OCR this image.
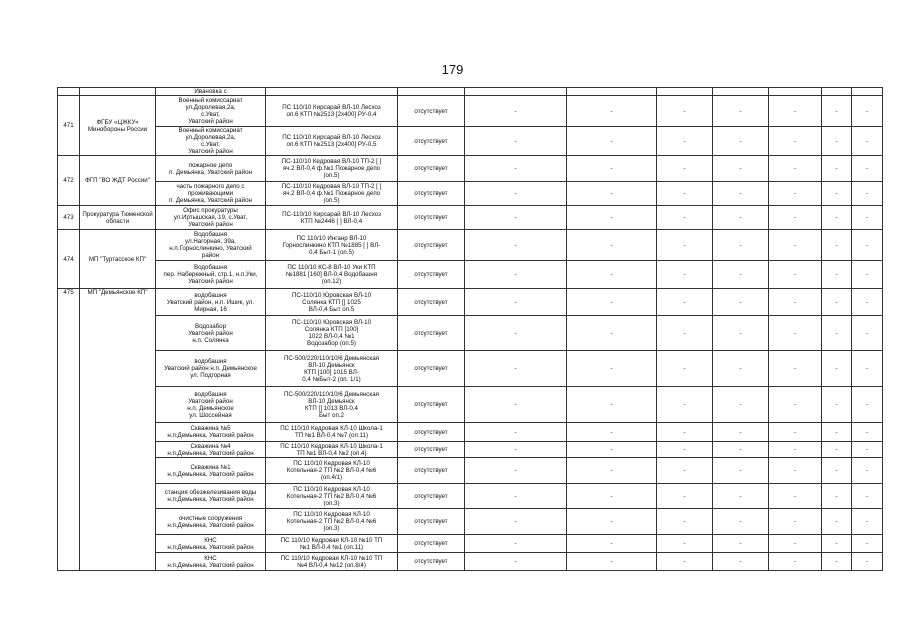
179
		Ивановка с									
471	ФГБУ «ЦЖКУ» Минобороны России	Военный комиссариат
ул.Доролевая,2а,
с.Уват,
Уватский район	ПС 110/10 Кирсарай ВЛ-10 Лесхоз
оп.6 КТП №2513 [2x400] РУ-0,4	отсутствует	-	-	-	-	-	-	-
		Военный комиссариат
ул.Доролевая,2а,
с.Уват,
Уватский район	ПС 110/10 Кирсарай ВЛ-10 Лесхоз
оп.6 КТП №2513 [2x400] РУ-0,5	отсутствует	-	-	-	-	-	-	-
472	ФГП "ВО ЖДТ России"	пожарное депо
п. Демьянка, Уватский район	ПС-110/10 Кедровая ВЛ-10 ТП-2 [ ]
яч.2 ВЛ-0,4 ф.№1 Пожарное депо
(оп.5)	отсутствует	-	-	-	-	-	-	-
		часть пожарного депо с
проживающими
п. Демьянка, Уватский район	ПС-110/10 Кедровая ВЛ-10 ТП-2 [ ]
яч.2 ВЛ-0,4 ф.№1 Пожарное депо
(оп.5)	отсутствует	-	-	-	-	-	-	-
473	Прокуратура Тюменской области	Офис прокуратуры
ул.Иртышская, 19, с.Уват,
Уватский район	ПС-110/10 Кирсарай ВЛ-10 Лесхоз
КТП №2446 [ ] ВЛ-0,4	отсутствует	-	-	-	-	-	-	-
474	МП "Туртасское КП"	Водобашня
ул.Нагорная, 39а,
н.п.Горнослинкино, Уватский
район	ПС 110/10 Инганр ВЛ-10
Горнослинкино КТП №1885 [ ] ВЛ-
0,4 Быт-1 (оп.5)	отсутствует	-	-	-	-	-	-	-
		Водобашня
пер. Набережный, стр.1, н.п.Уки,
Уватский район	ПС 110/10 КС-8 ВЛ-10 Уки КТП
№1881 [160] ВЛ-0,4 Водобашня
(оп.12)	отсутствует	-	-	-	-	-	-	-
475	МП "Демьянское КП"	водобашня
Уватский район, н.п. Ишик, ул.
Мирная, 16	ПС-110/10 Юровская ВЛ-10
Солянка КТП [] 1025
ВЛ-0,4 Быт оп.5	отсутствует	-	-	-	-	-	-	-
		Водозабор
Уватский район
н.п. Солянка	ПС-110/10 Юровская ВЛ-10
Солянка КТП [100]
1022 ВЛ-0,4 №1
Водозабор (оп.5)	отсутствует	-	-	-	-	-	-	-
		водобашня
Уватский район н.п. Демьянское
ул. Подгорная	ПС-500/220/110/10/6 Демьянская
ВЛ-10 Демьянск
КТП [100] 1015 ВЛ-
0,4 №Быт-2 (оп. 1/1)	отсутствует	-	-	-	-	-	-	-
		водобашня
Уватский район
н.п. Демьянское
ул. Шоссейная	ПС-500/220/110/10/6 Демьянская
ВЛ-10 Демьянск
КТП [] 1013 ВЛ-0,4
Быт оп.2	отсутствует	-	-	-	-	-	-	-
		Скважина №5
н.п.Демьянка, Уватский район	ПС 110/10 Кедровая КЛ-10 Школа-1
ТП №1 ВЛ-0,4 №7 (оп.11)	отсутствует	-	-	-	-	-	-	-
		Скважина №4
н.п.Демьянка, Уватский район	ПС 110/10 Кедровая КЛ-10 Школа-1
ТП №1 ВЛ-0,4 №2 (оп.4)	отсутствует	-	-	-	-	-	-	-
		Скважина №1
н.п.Демьянка, Уватский район	ПС 110/10 Кедровая КЛ-10
Котельная-2 ТП №2 ВЛ-0,4 №6
(оп.4/1)	отсутствует	-	-	-	-	-	-	-
		станция обезжелезивания воды
н.п.Демьянка, Уватский район	ПС 110/10 Кедровая КЛ-10
Котельная-2 ТП №2 ВЛ-0,4 №6
(оп.3)	отсутствует	-	-	-	-	-	-	-
		очистные сооружения
н.п.Демьянка, Уватский район	ПС 110/10 Кедровая КЛ-10
Котельная-2 ТП №2 ВЛ-0,4 №6
(оп.3)	отсутствует	-	-	-	-	-	-	-
		КНС
н.п.Демьянка, Уватский район	ПС 110/10 Кедровая КЛ-10 №10 ТП
№1 ВЛ-0,4 №1 (оп.11)	отсутствует	-	-	-	-	-	-	-
		КНС
н.п.Демьянка, Уватский район	ПС 110/10 Кедровая КЛ-10 №10 ТП
№4 ВЛ-0,4 №12 (оп.8/4)	отсутствует	-	-	-	-	-	-	-
